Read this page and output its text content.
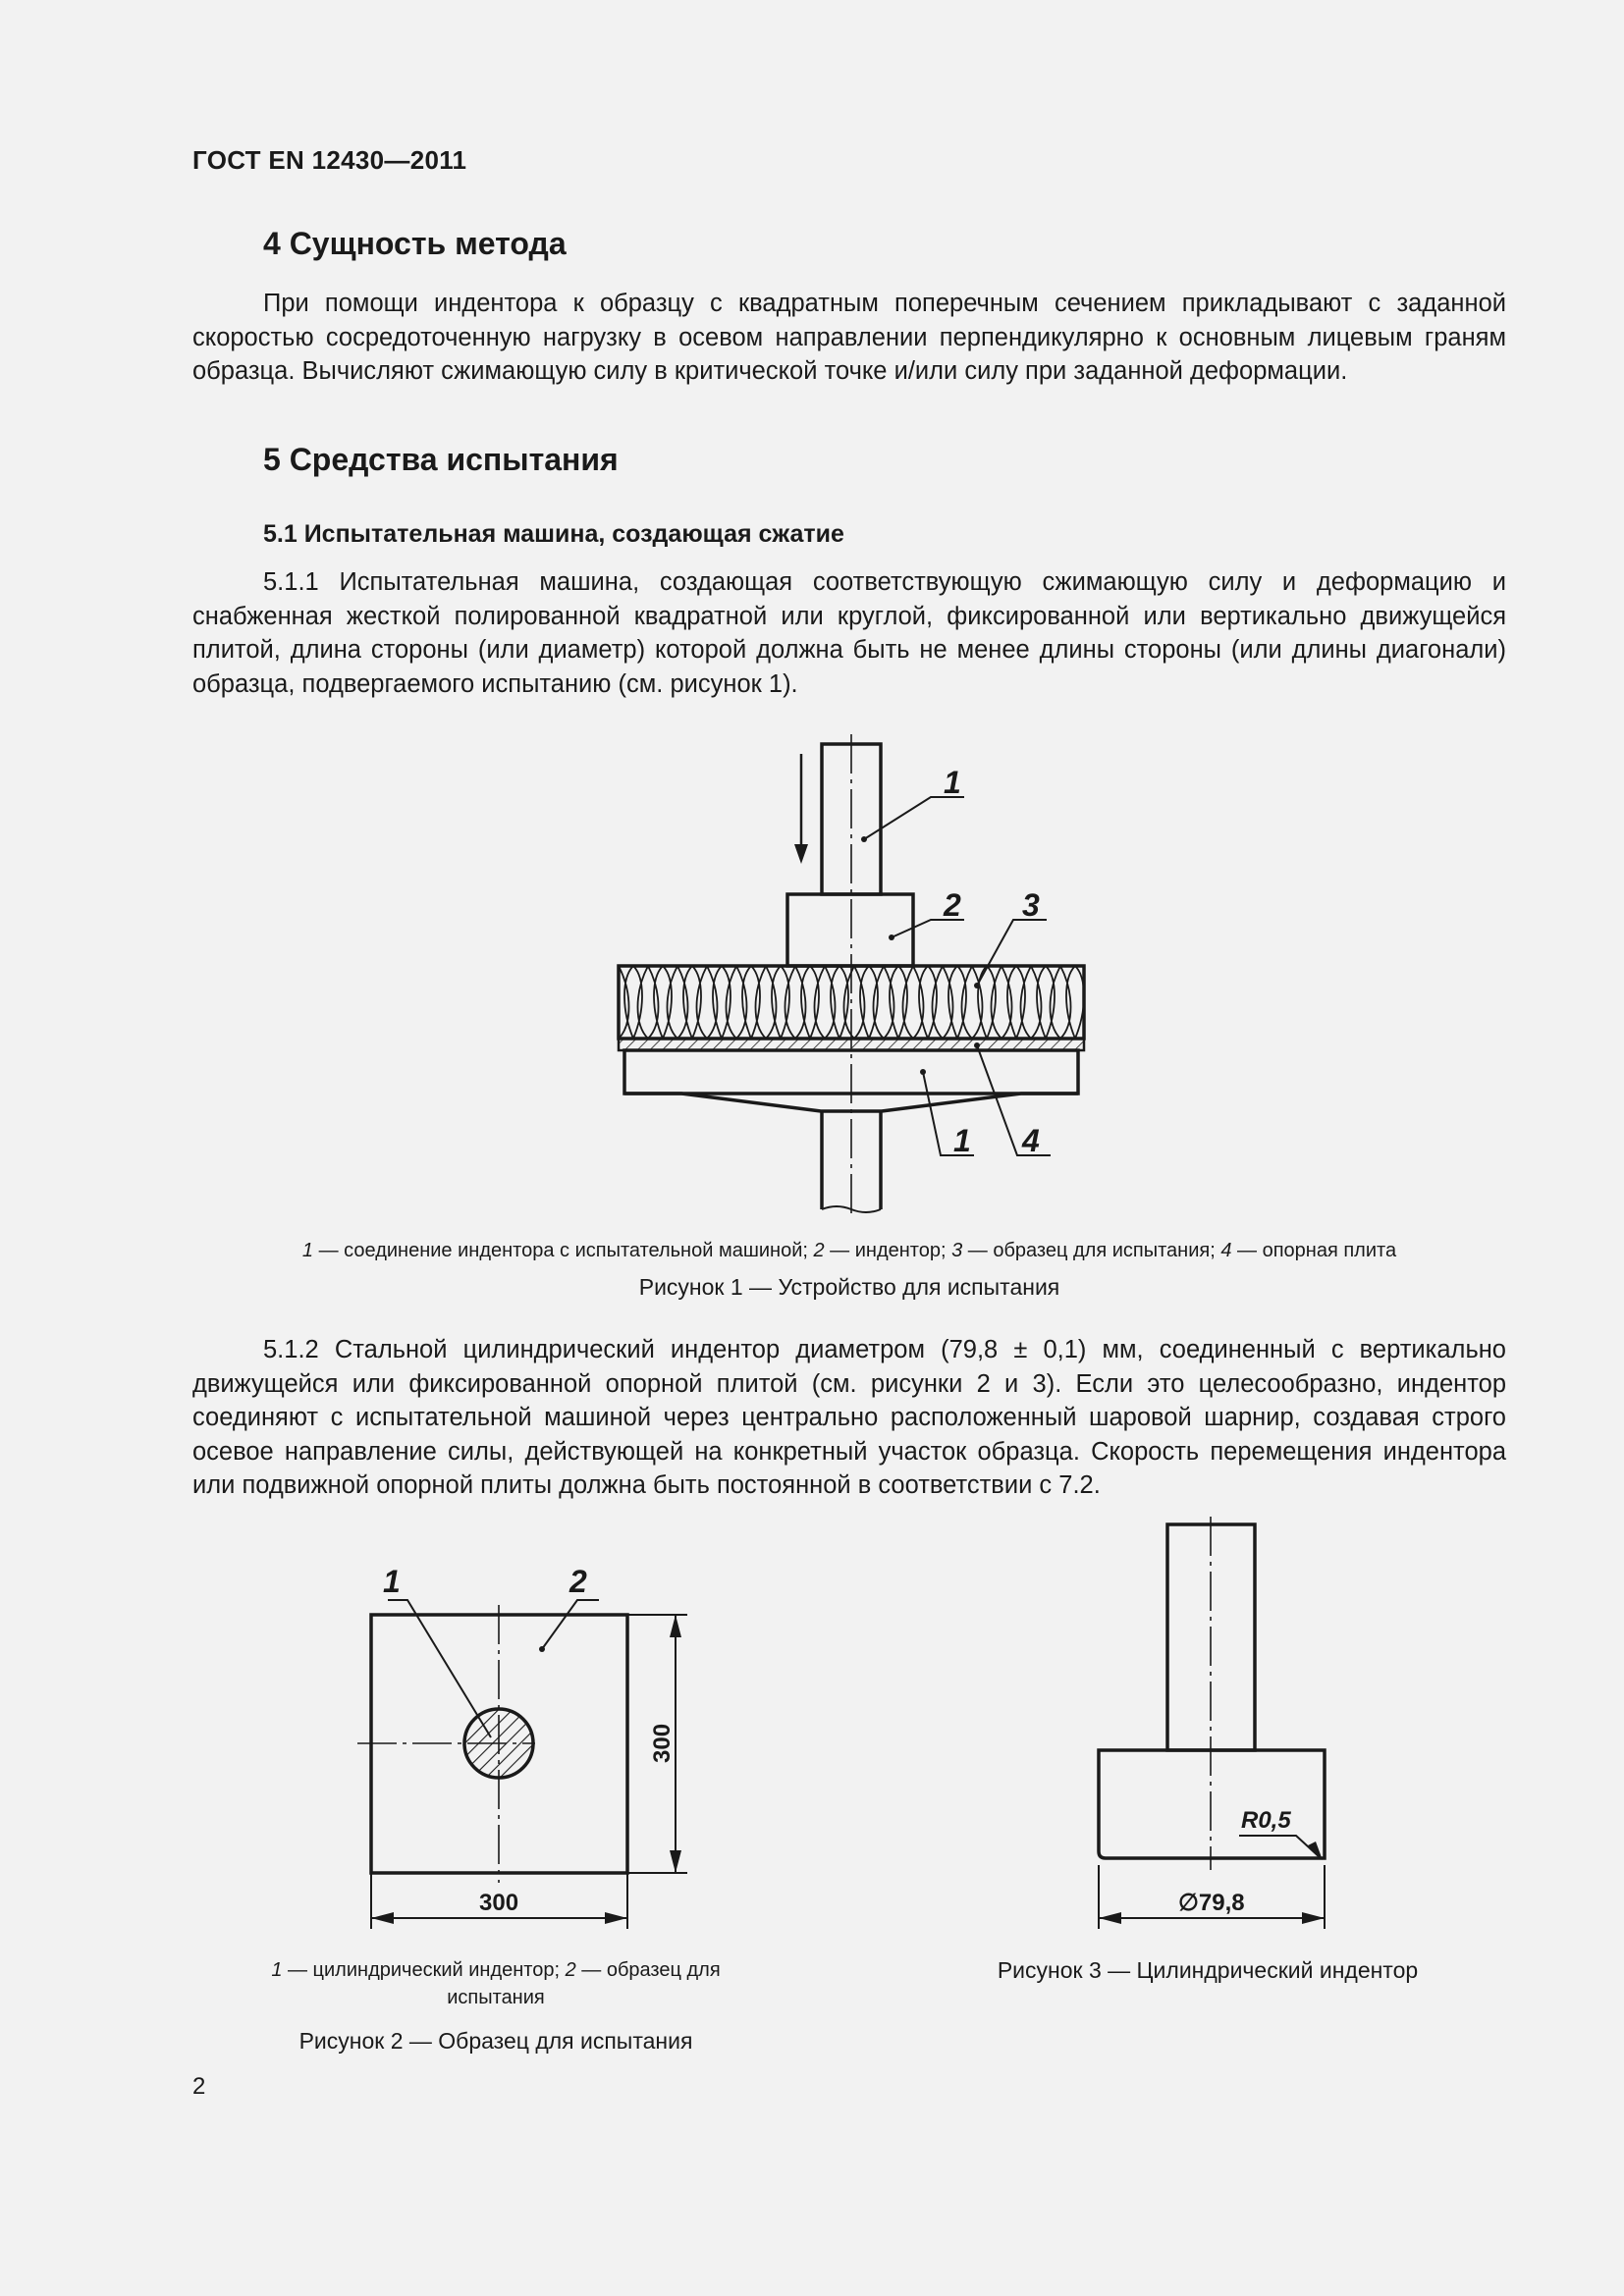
ГОСТ EN 12430—2011
4 Сущность метода

При помощи индентора к образцу с квадратным поперечным сечением прикладывают с заданной скоростью сосредоточенную нагрузку в осевом направлении перпендикулярно к основным лицевым граням образца. Вычисляют сжимающую силу в критической точке и/или силу при заданной деформации.

5 Средства испытания
5.1 Испытательная машина, создающая сжатие

5.1.1 Испытательная машина, создающая соответствующую сжимающую силу и деформацию и снабженная жесткой полированной квадратной или круглой, фиксированной или вертикально движущейся плитой, длина стороны (или диаметр) которой должна быть не менее длины стороны (или длины диагонали) образца, подвергаемого испытанию (см. рисунок 1).

1
2 3
1 4
1 — соединение индентора с испытательной машиной; 2 — индентор; 3 — образец для испытания; 4 — опорная плита
Рисунок 1 — Устройство для испытания

5.1.2 Стальной цилиндрический индентор диаметром (79,8 ± 0,1) мм, соединенный с вертикально движущейся или фиксированной опорной плитой (см. рисунки 2 и 3). Если это целесообразно, индентор соединяют с испытательной машиной через центрально расположенный шаровой шарнир, создавая строго осевое направление силы, действующей на конкретный участок образца. Скорость перемещения индентора или подвижной опорной плиты должна быть постоянной в соответствии с 7.2.

1	2
300
300
1 — цилиндрический индентор; 2 — образец для испытания
Рисунок 2 — Образец для испытания
R0,5
∅79,8
Рисунок 3 — Цилиндрический индентор
2
